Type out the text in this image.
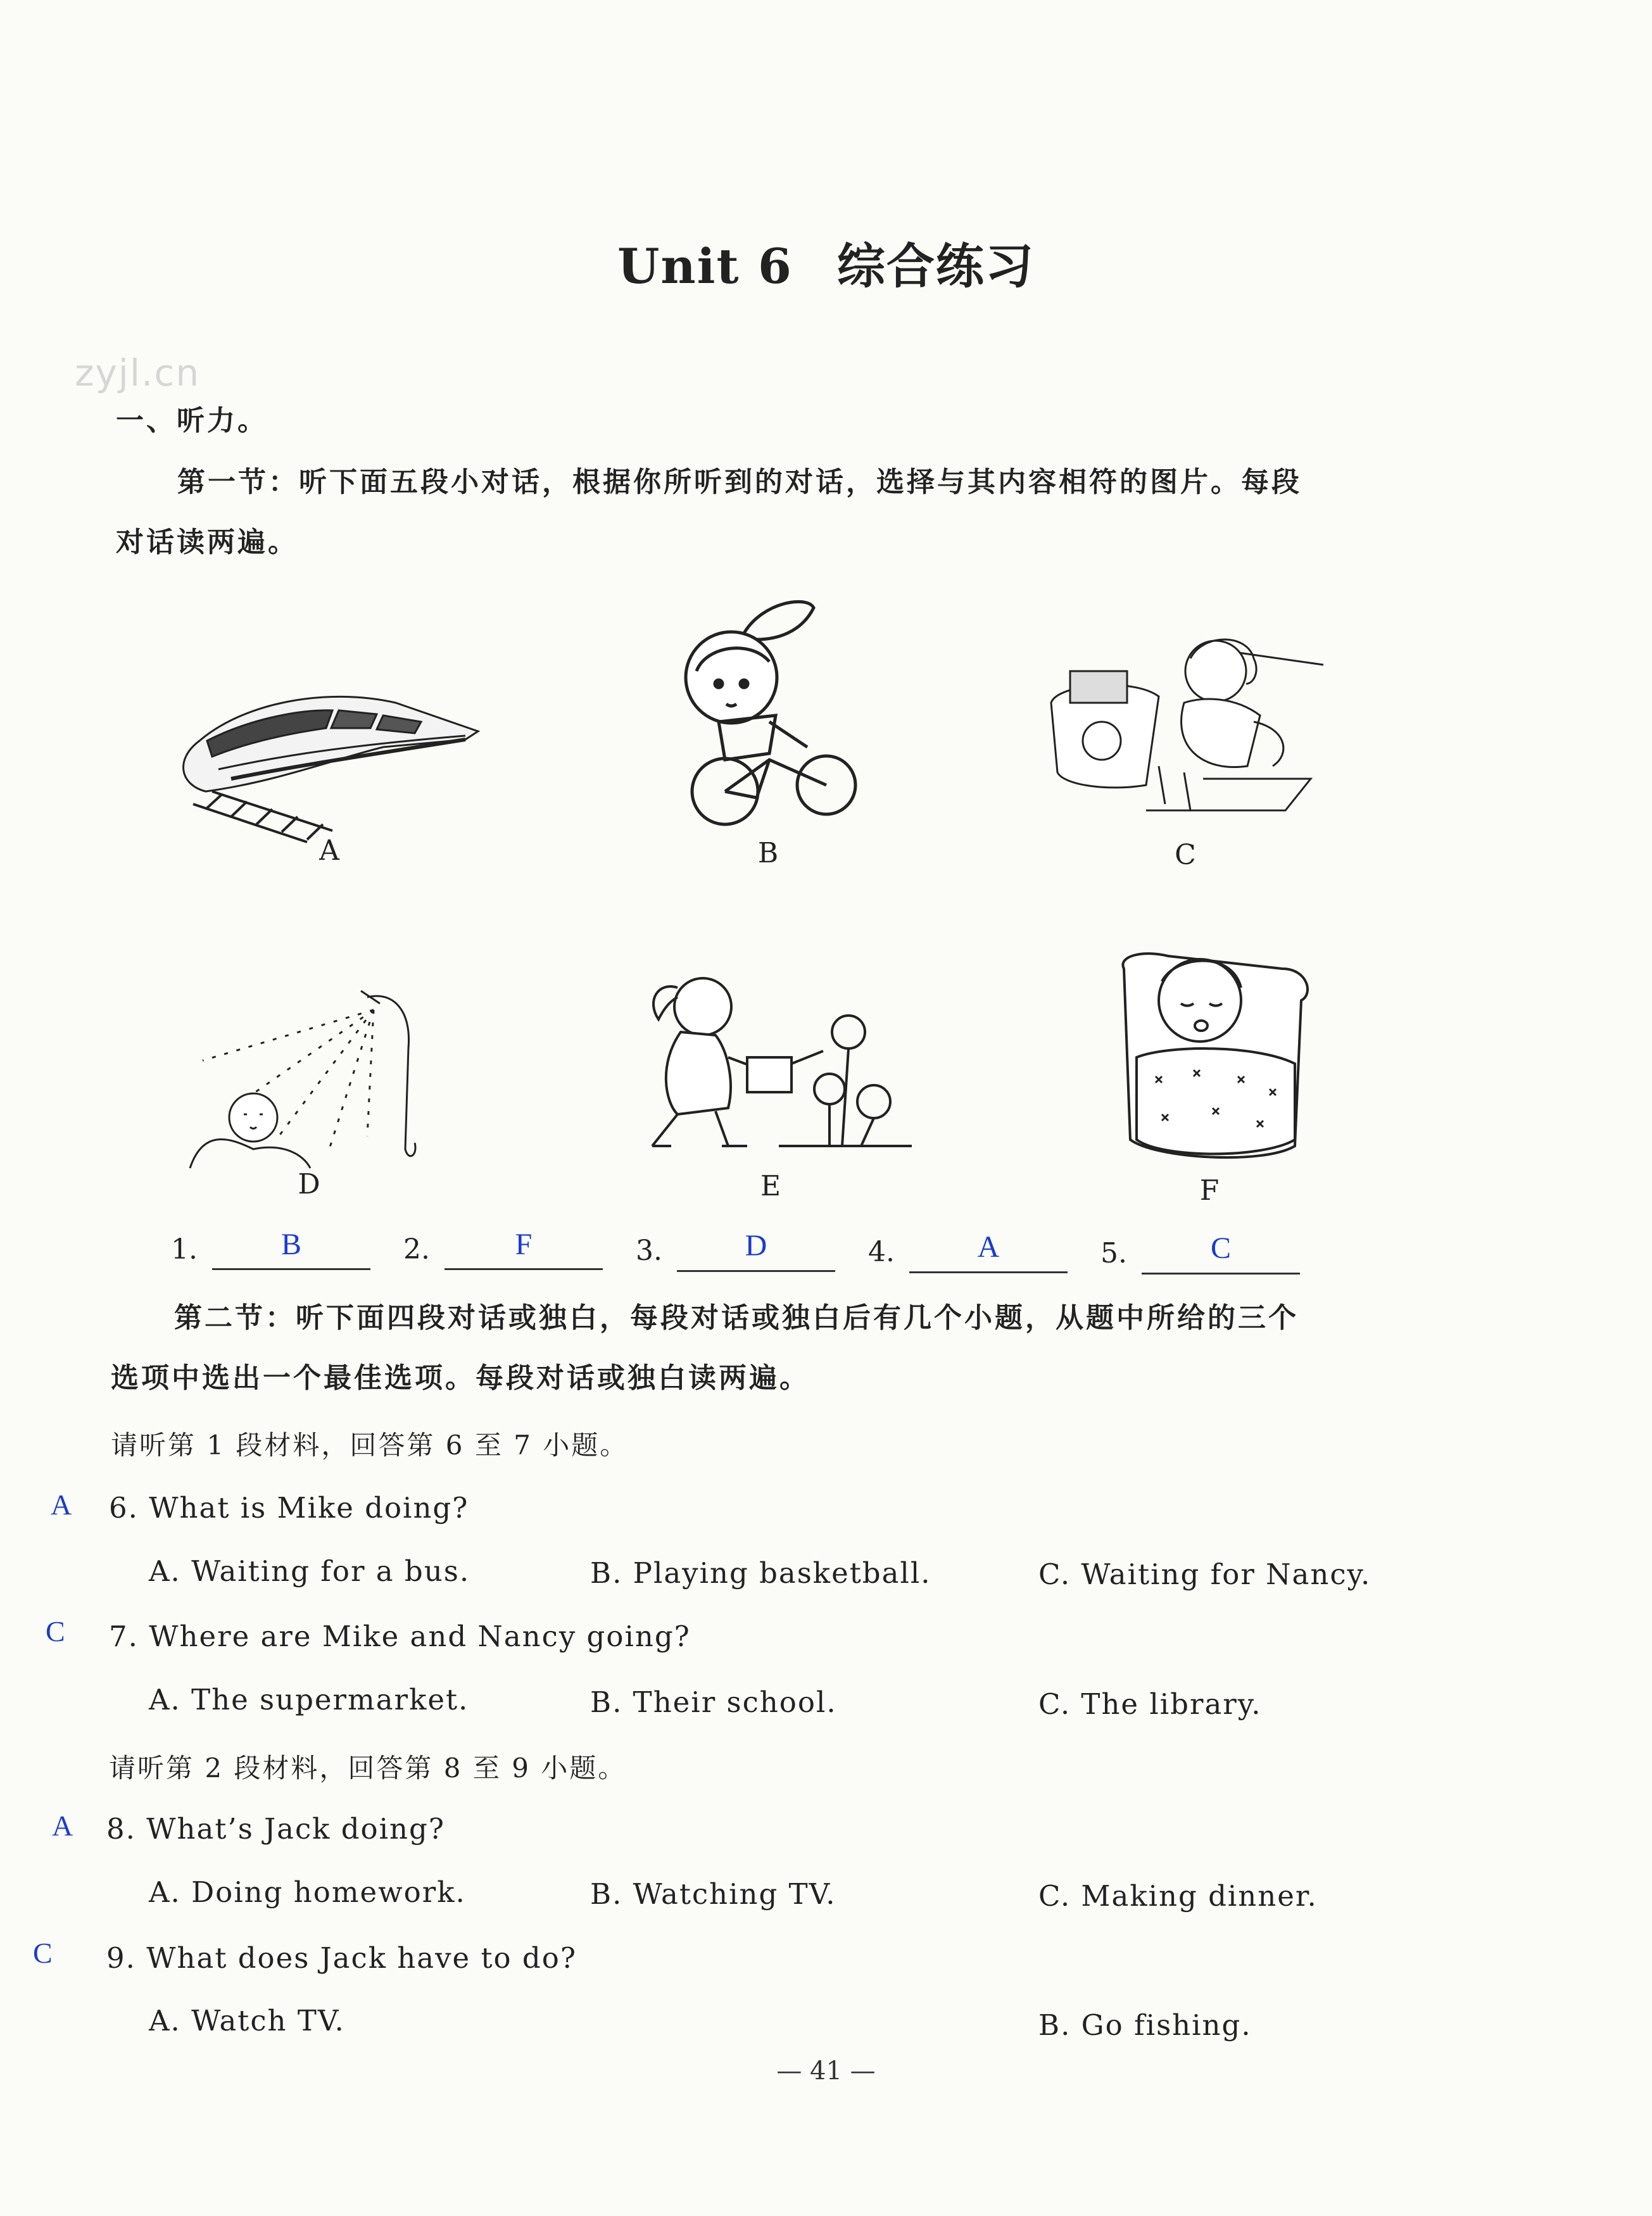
Unit 6 综合练习
zyjl.cn
一、听力。
第一节：听下面五段小对话，根据你所听到的对话，选择与其内容相符的图片。每段
对话读两遍。
A	B	C
D	E	F
1.	B	2.	F	3.	D	4.	A	5.	C
第二节：听下面四段对话或独白，每段对话或独白后有几个小题，从题中所给的三个
选项中选出一个最佳选项。每段对话或独白读两遍。
请听第 1 段材料，回答第 6 至 7 小题。
A 6. What is Mike doing?
A. Waiting for a bus.	B. Playing basketball.	C. Waiting for Nancy.
C 7. Where are Mike and Nancy going?
A. The supermarket.	B. Their school.	C. The library.
请听第 2 段材料，回答第 8 至 9 小题。
A 8. What’s Jack doing?
A. Doing homework.	B. Watching TV.	C. Making dinner.
C 9. What does Jack have to do?
A. Watch TV.	B. Go fishing.
— 41 —
